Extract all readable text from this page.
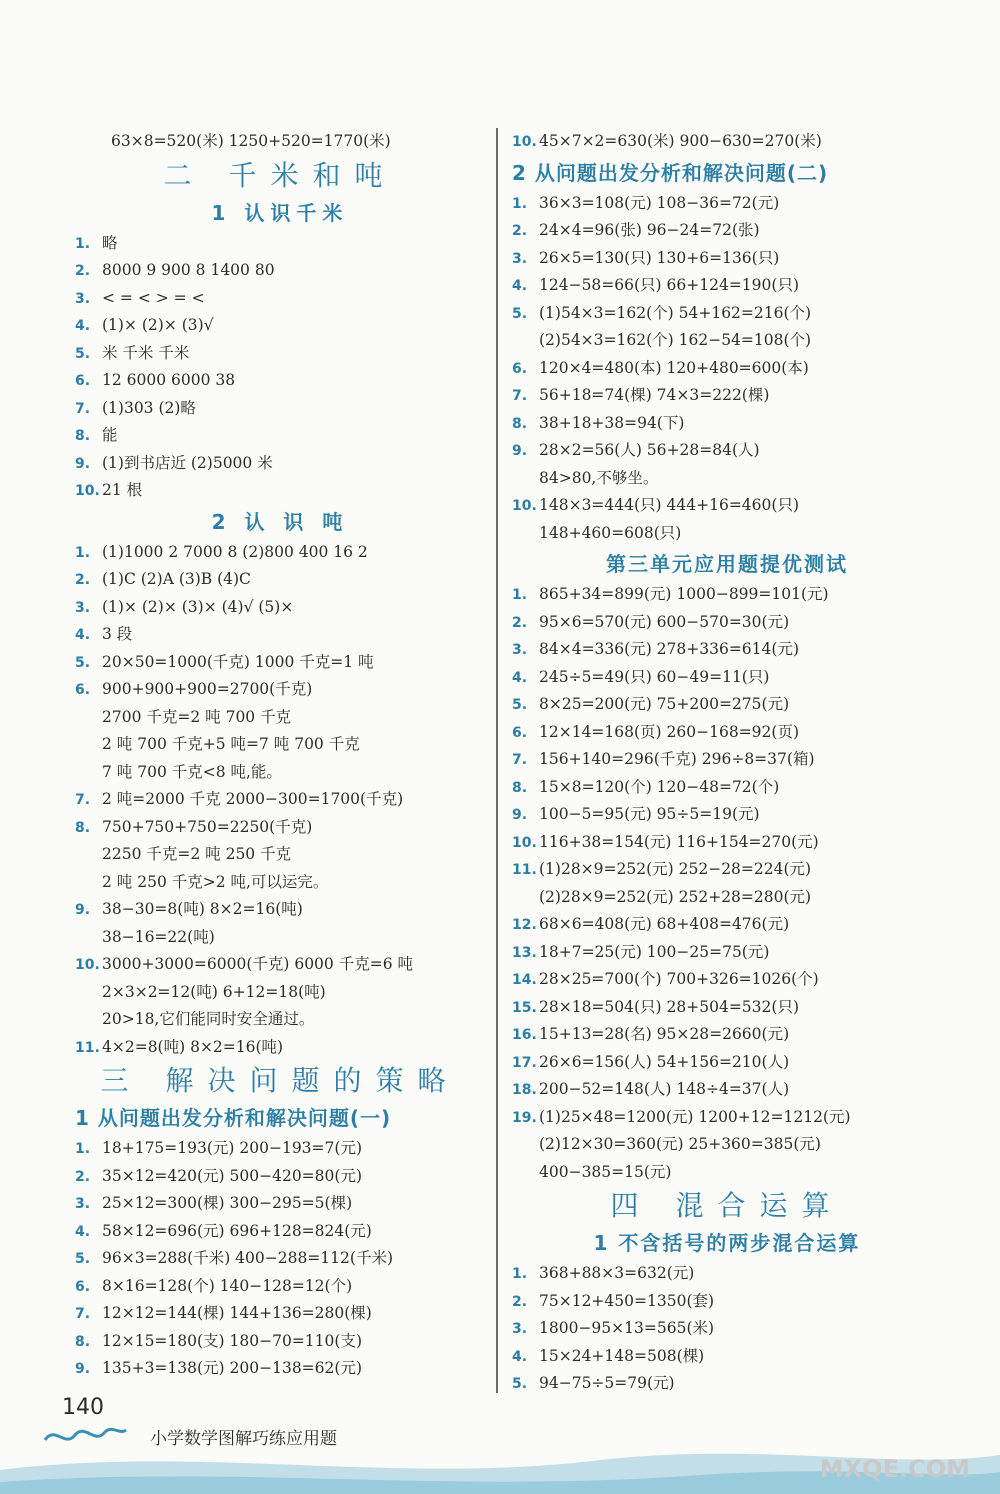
63×8=520(米) 1250+520=1770(米)
二 千米和吨
1 认识千米
1. 略
2. 8000 9 900 8 1400 80
3. < = < > = <
4. (1)× (2)× (3)√
5. 米 千米 千米
6. 12 6000 6000 38
7. (1)303 (2)略
8. 能
9. (1)到书店近 (2)5000 米
10. 21 根
2 认 识 吨
1. (1)1000 2 7000 8 (2)800 400 16 2
2. (1)C (2)A (3)B (4)C
3. (1)× (2)× (3)× (4)√ (5)×
4. 3 段
5. 20×50=1000(千克) 1000 千克=1 吨
6. 900+900+900=2700(千克)
2700 千克=2 吨 700 千克
2 吨 700 千克+5 吨=7 吨 700 千克
7 吨 700 千克<8 吨,能。
7. 2 吨=2000 千克 2000−300=1700(千克)
8. 750+750+750=2250(千克)
2250 千克=2 吨 250 千克
2 吨 250 千克>2 吨,可以运完。
9. 38−30=8(吨) 8×2=16(吨)
38−16=22(吨)
10. 3000+3000=6000(千克) 6000 千克=6 吨
2×3×2=12(吨) 6+12=18(吨)
20>18,它们能同时安全通过。
11. 4×2=8(吨) 8×2=16(吨)
三 解决问题的策略
1 从问题出发分析和解决问题(一)
1. 18+175=193(元) 200−193=7(元)
2. 35×12=420(元) 500−420=80(元)
3. 25×12=300(棵) 300−295=5(棵)
4. 58×12=696(元) 696+128=824(元)
5. 96×3=288(千米) 400−288=112(千米)
6. 8×16=128(个) 140−128=12(个)
7. 12×12=144(棵) 144+136=280(棵)
8. 12×15=180(支) 180−70=110(支)
9. 135+3=138(元) 200−138=62(元)
10. 45×7×2=630(米) 900−630=270(米)
2 从问题出发分析和解决问题(二)
1. 36×3=108(元) 108−36=72(元)
2. 24×4=96(张) 96−24=72(张)
3. 26×5=130(只) 130+6=136(只)
4. 124−58=66(只) 66+124=190(只)
5. (1)54×3=162(个) 54+162=216(个)
(2)54×3=162(个) 162−54=108(个)
6. 120×4=480(本) 120+480=600(本)
7. 56+18=74(棵) 74×3=222(棵)
8. 38+18+38=94(下)
9. 28×2=56(人) 56+28=84(人)
84>80,不够坐。
10. 148×3=444(只) 444+16=460(只)
148+460=608(只)
第三单元应用题提优测试
1. 865+34=899(元) 1000−899=101(元)
2. 95×6=570(元) 600−570=30(元)
3. 84×4=336(元) 278+336=614(元)
4. 245÷5=49(只) 60−49=11(只)
5. 8×25=200(元) 75+200=275(元)
6. 12×14=168(页) 260−168=92(页)
7. 156+140=296(千克) 296÷8=37(箱)
8. 15×8=120(个) 120−48=72(个)
9. 100−5=95(元) 95÷5=19(元)
10. 116+38=154(元) 116+154=270(元)
11. (1)28×9=252(元) 252−28=224(元)
(2)28×9=252(元) 252+28=280(元)
12. 68×6=408(元) 68+408=476(元)
13. 18+7=25(元) 100−25=75(元)
14. 28×25=700(个) 700+326=1026(个)
15. 28×18=504(只) 28+504=532(只)
16. 15+13=28(名) 95×28=2660(元)
17. 26×6=156(人) 54+156=210(人)
18. 200−52=148(人) 148÷4=37(人)
19. (1)25×48=1200(元) 1200+12=1212(元)
(2)12×30=360(元) 25+360=385(元)
400−385=15(元)
四 混合运算
1 不含括号的两步混合运算
1. 368+88×3=632(元)
2. 75×12+450=1350(套)
3. 1800−95×13=565(米)
4. 15×24+148=508(棵)
5. 94−75÷5=79(元)
140
小学数学图解巧练应用题
MXQE.COM
